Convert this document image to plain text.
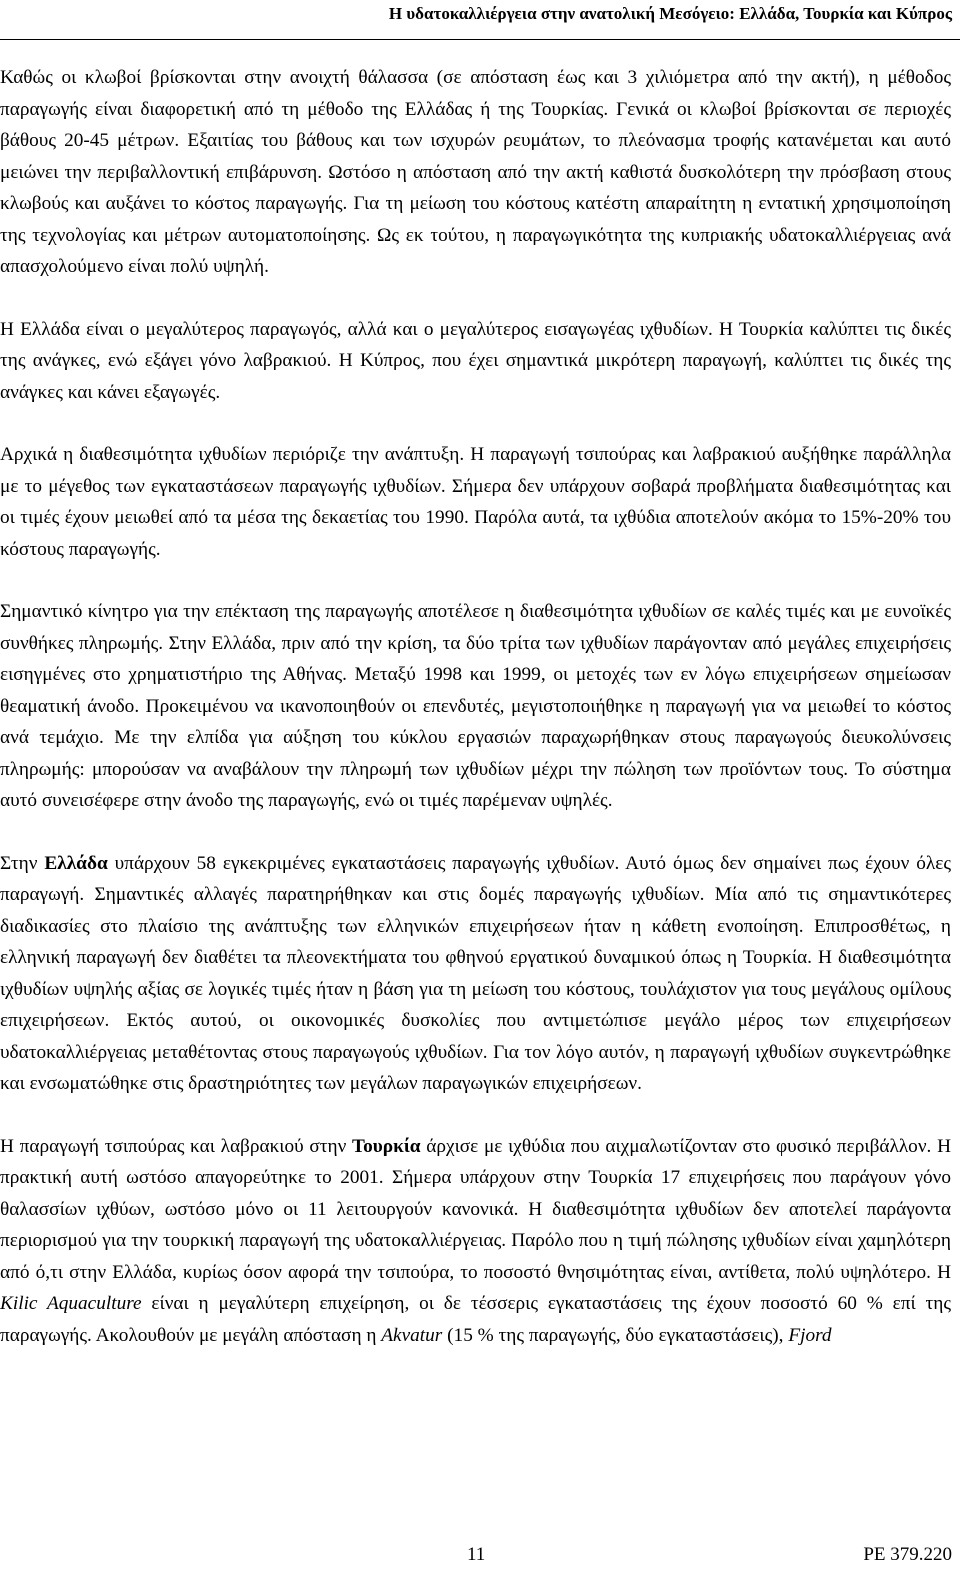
Η υδατοκαλλιέργεια στην ανατολική Μεσόγειο: Ελλάδα, Τουρκία και Κύπρος

Καθώς οι κλωβοί βρίσκονται στην ανοιχτή θάλασσα (σε απόσταση έως και 3 χιλιόμετρα από την ακτή), η μέθοδος παραγωγής είναι διαφορετική από τη μέθοδο της Ελλάδας ή της Τουρκίας. Γενικά οι κλωβοί βρίσκονται σε περιοχές βάθους 20-45 μέτρων. Εξαιτίας του βάθους και των ισχυρών ρευμάτων, το πλεόνασμα τροφής κατανέμεται και αυτό μειώνει την περιβαλλοντική επιβάρυνση. Ωστόσο η απόσταση από την ακτή καθιστά δυσκολότερη την πρόσβαση στους κλωβούς και αυξάνει το κόστος παραγωγής. Για τη μείωση του κόστους κατέστη απαραίτητη η εντατική χρησιμοποίηση της τεχνολογίας και μέτρων αυτοματοποίησης. Ως εκ τούτου, η παραγωγικότητα της κυπριακής υδατοκαλλιέργειας ανά απασχολούμενο είναι πολύ υψηλή.

Η Ελλάδα είναι ο μεγαλύτερος παραγωγός, αλλά και ο μεγαλύτερος εισαγωγέας ιχθυδίων. Η Τουρκία καλύπτει τις δικές της ανάγκες, ενώ εξάγει γόνο λαβρακιού. Η Κύπρος, που έχει σημαντικά μικρότερη παραγωγή, καλύπτει τις δικές της ανάγκες και κάνει εξαγωγές.

Αρχικά η διαθεσιμότητα ιχθυδίων περιόριζε την ανάπτυξη. Η παραγωγή τσιπούρας και λαβρακιού αυξήθηκε παράλληλα με το μέγεθος των εγκαταστάσεων παραγωγής ιχθυδίων. Σήμερα δεν υπάρχουν σοβαρά προβλήματα διαθεσιμότητας και οι τιμές έχουν μειωθεί από τα μέσα της δεκαετίας του 1990. Παρόλα αυτά, τα ιχθύδια αποτελούν ακόμα το 15%-20% του κόστους παραγωγής.

Σημαντικό κίνητρο για την επέκταση της παραγωγής αποτέλεσε η διαθεσιμότητα ιχθυδίων σε καλές τιμές και με ευνοϊκές συνθήκες πληρωμής. Στην Ελλάδα, πριν από την κρίση, τα δύο τρίτα των ιχθυδίων παράγονταν από μεγάλες επιχειρήσεις εισηγμένες στο χρηματιστήριο της Αθήνας. Μεταξύ 1998 και 1999, οι μετοχές των εν λόγω επιχειρήσεων σημείωσαν θεαματική άνοδο. Προκειμένου να ικανοποιηθούν οι επενδυτές, μεγιστοποιήθηκε η παραγωγή για να μειωθεί το κόστος ανά τεμάχιο. Με την ελπίδα για αύξηση του κύκλου εργασιών παραχωρήθηκαν στους παραγωγούς διευκολύνσεις πληρωμής: μπορούσαν να αναβάλουν την πληρωμή των ιχθυδίων μέχρι την πώληση των προϊόντων τους. Το σύστημα αυτό συνεισέφερε στην άνοδο της παραγωγής, ενώ οι τιμές παρέμεναν υψηλές.

Στην Ελλάδα υπάρχουν 58 εγκεκριμένες εγκαταστάσεις παραγωγής ιχθυδίων. Αυτό όμως δεν σημαίνει πως έχουν όλες παραγωγή. Σημαντικές αλλαγές παρατηρήθηκαν και στις δομές παραγωγής ιχθυδίων. Μία από τις σημαντικότερες διαδικασίες στο πλαίσιο της ανάπτυξης των ελληνικών επιχειρήσεων ήταν η κάθετη ενοποίηση. Επιπροσθέτως, η ελληνική παραγωγή δεν διαθέτει τα πλεονεκτήματα του φθηνού εργατικού δυναμικού όπως η Τουρκία. Η διαθεσιμότητα ιχθυδίων υψηλής αξίας σε λογικές τιμές ήταν η βάση για τη μείωση του κόστους, τουλάχιστον για τους μεγάλους ομίλους επιχειρήσεων. Εκτός αυτού, οι οικονομικές δυσκολίες που αντιμετώπισε μεγάλο μέρος των επιχειρήσεων υδατοκαλλιέργειας μεταθέτοντας στους παραγωγούς ιχθυδίων. Για τον λόγο αυτόν, η παραγωγή ιχθυδίων συγκεντρώθηκε και ενσωματώθηκε στις δραστηριότητες των μεγάλων παραγωγικών επιχειρήσεων.

Η παραγωγή τσιπούρας και λαβρακιού στην Τουρκία άρχισε με ιχθύδια που αιχμαλωτίζονταν στο φυσικό περιβάλλον. Η πρακτική αυτή ωστόσο απαγορεύτηκε το 2001. Σήμερα υπάρχουν στην Τουρκία 17 επιχειρήσεις που παράγουν γόνο θαλασσίων ιχθύων, ωστόσο μόνο οι 11 λειτουργούν κανονικά. Η διαθεσιμότητα ιχθυδίων δεν αποτελεί παράγοντα περιορισμού για την τουρκική παραγωγή της υδατοκαλλιέργειας. Παρόλο που η τιμή πώλησης ιχθυδίων είναι χαμηλότερη από ό,τι στην Ελλάδα, κυρίως όσον αφορά την τσιπούρα, το ποσοστό θνησιμότητας είναι, αντίθετα, πολύ υψηλότερο. Η Kilic Aquaculture είναι η μεγαλύτερη επιχείρηση, οι δε τέσσερις εγκαταστάσεις της έχουν ποσοστό 60 % επί της παραγωγής. Ακολουθούν με μεγάλη απόσταση η Akvatur (15 % της παραγωγής, δύο εγκαταστάσεις), Fjord

11	PE 379.220
